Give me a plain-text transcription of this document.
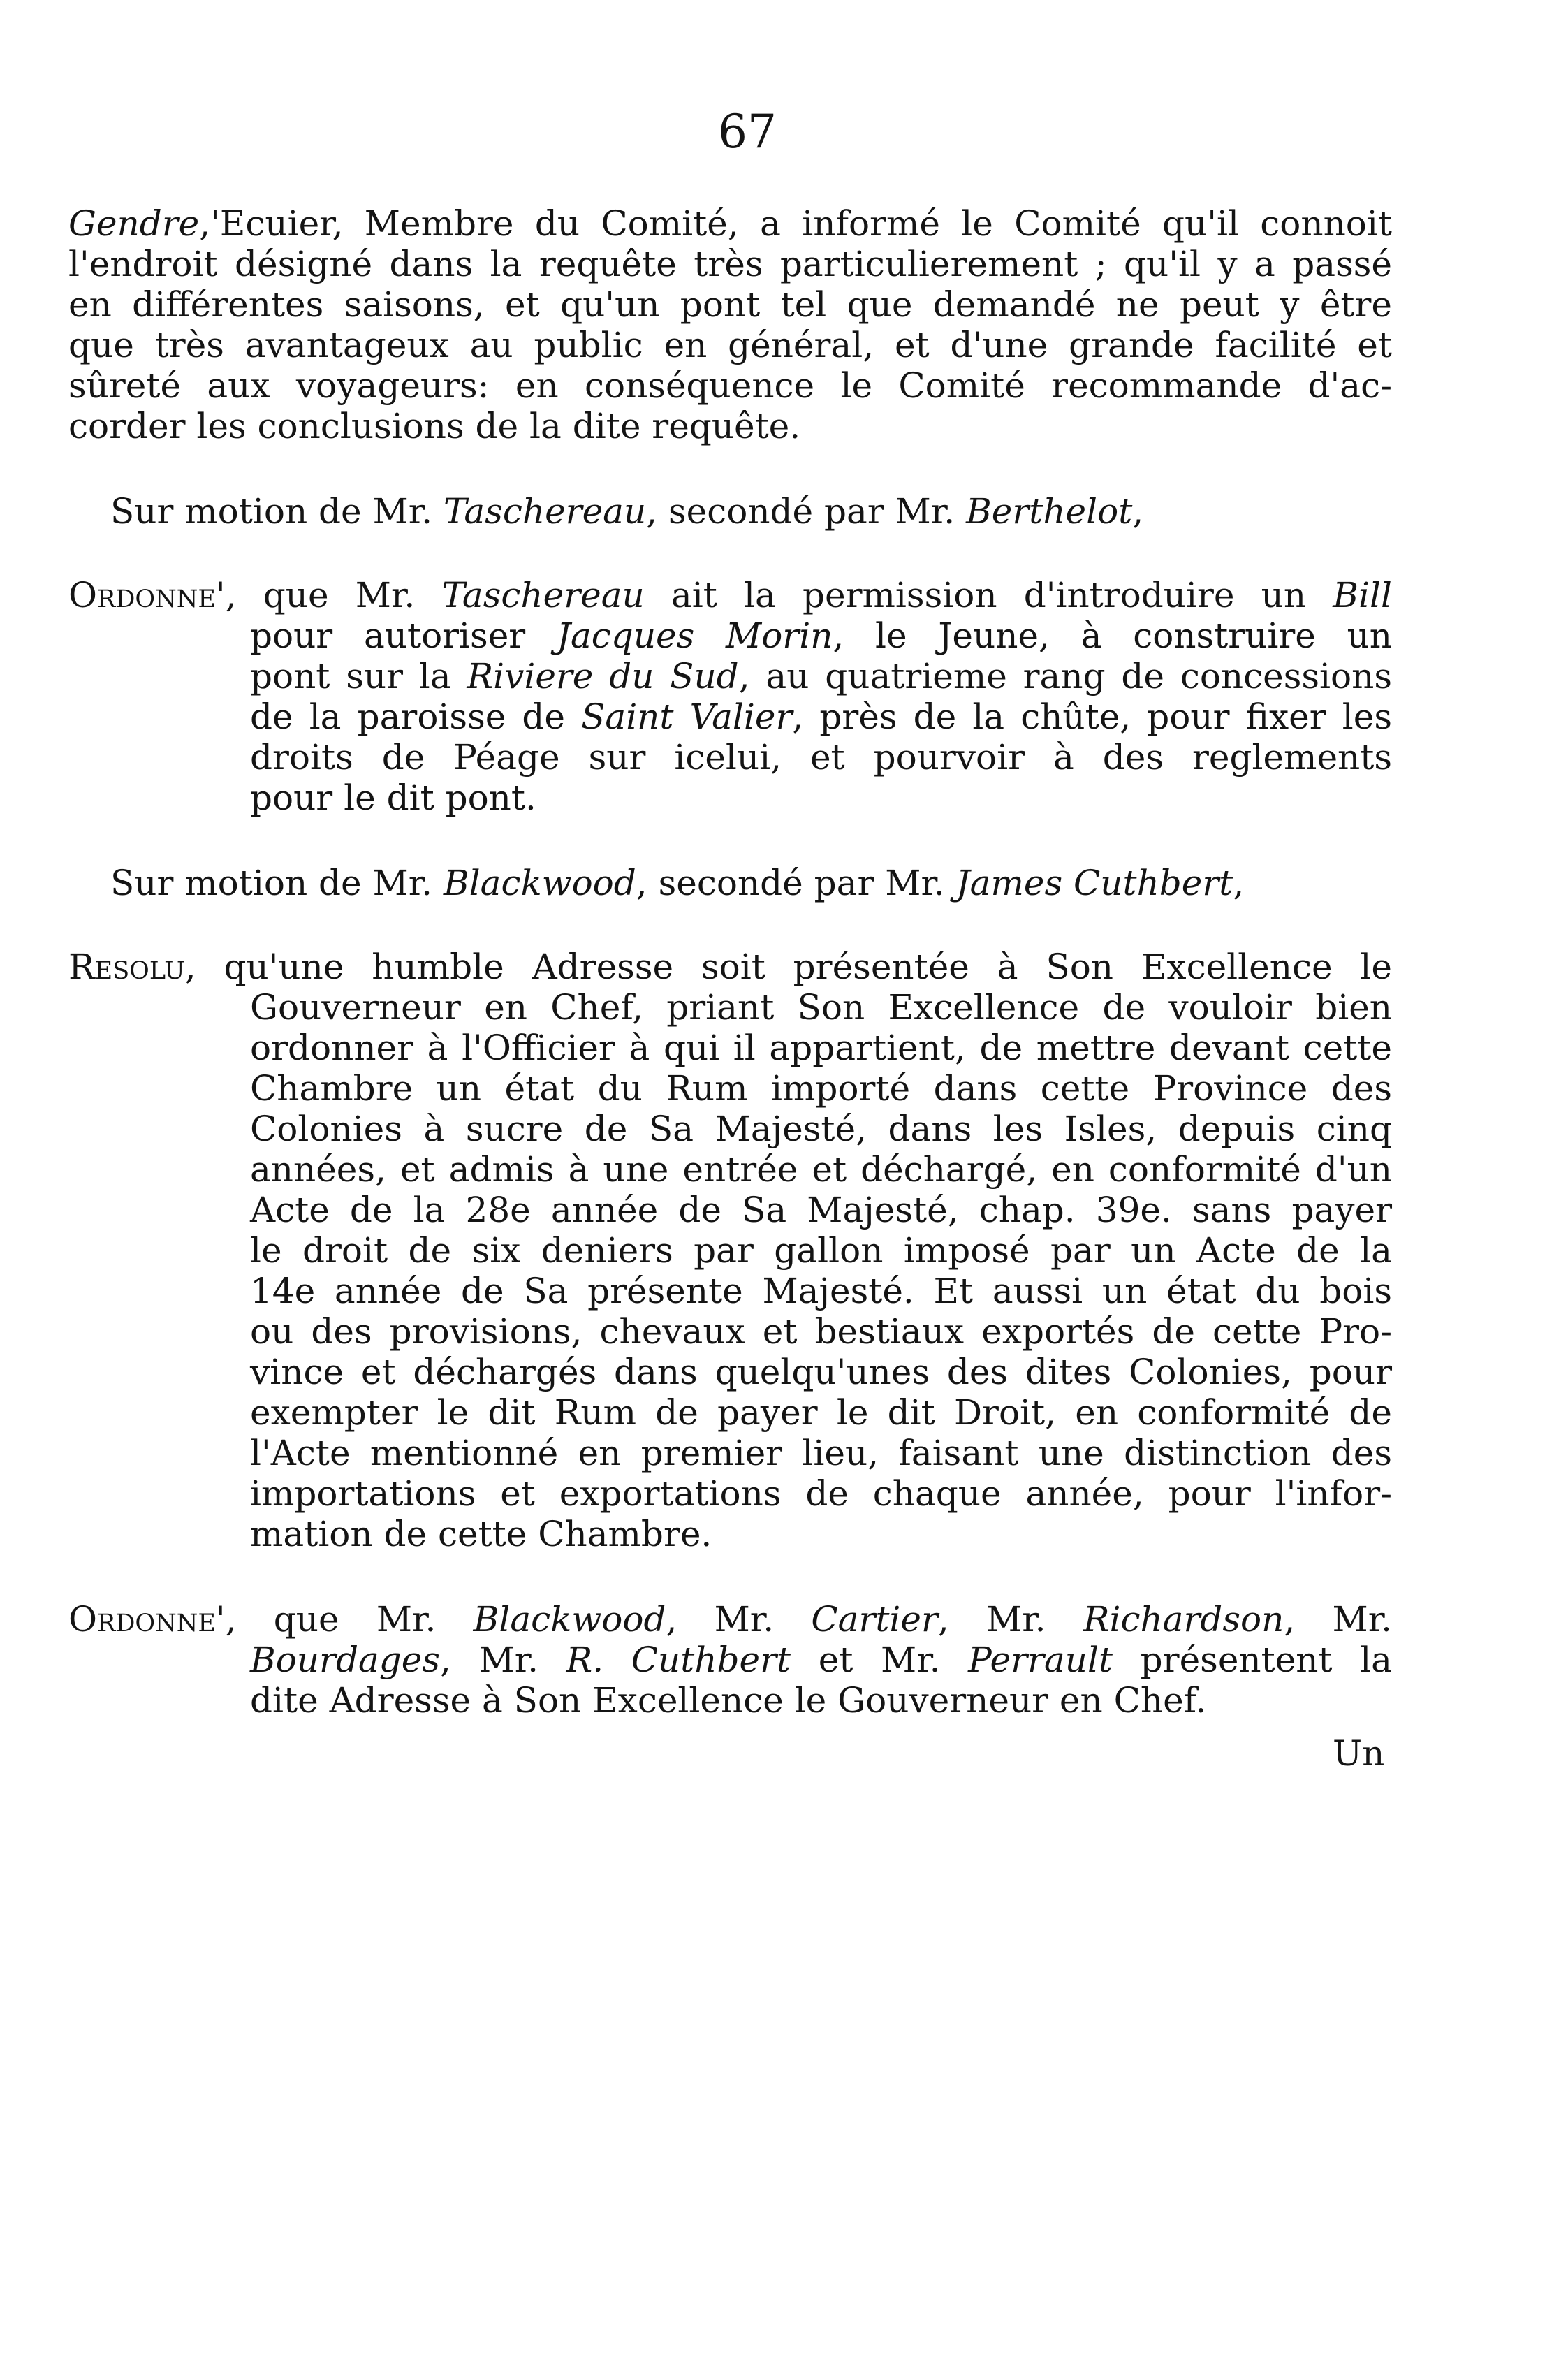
67
Gendre,'Ecuier, Membre du Comité, a informé le Comité qu'il connoit
l'endroit désigné dans la requête très particulierement ; qu'il y a passé
en différentes saisons, et qu'un pont tel que demandé ne peut y être
que très avantageux au public en général, et d'une grande facilité et
sûreté aux voyageurs: en conséquence le Comité recommande d'ac-
corder les conclusions de la dite requête.
Sur motion de Mr. Taschereau, secondé par Mr. Berthelot,
Ordonne', que Mr. Taschereau ait la permission d'introduire un Bill
pour autoriser Jacques Morin, le Jeune, à construire un
pont sur la Riviere du Sud, au quatrieme rang de concessions
de la paroisse de Saint Valier, près de la chûte, pour fixer les
droits de Péage sur icelui, et pourvoir à des reglements
pour le dit pont.
Sur motion de Mr. Blackwood, secondé par Mr. James Cuthbert,
Resolu, qu'une humble Adresse soit présentée à Son Excellence le
Gouverneur en Chef, priant Son Excellence de vouloir bien
ordonner à l'Officier à qui il appartient, de mettre devant cette
Chambre un état du Rum importé dans cette Province des
Colonies à sucre de Sa Majesté, dans les Isles, depuis cinq
années, et admis à une entrée et déchargé, en conformité d'un
Acte de la 28e année de Sa Majesté, chap. 39e. sans payer
le droit de six deniers par gallon imposé par un Acte de la
14e année de Sa présente Majesté. Et aussi un état du bois
ou des provisions, chevaux et bestiaux exportés de cette Pro-
vince et déchargés dans quelqu'unes des dites Colonies, pour
exempter le dit Rum de payer le dit Droit, en conformité de
l'Acte mentionné en premier lieu, faisant une distinction des
importations et exportations de chaque année, pour l'infor-
mation de cette Chambre.
Ordonne', que Mr. Blackwood, Mr. Cartier, Mr. Richardson, Mr.
Bourdages, Mr. R. Cuthbert et Mr. Perrault présentent la
dite Adresse à Son Excellence le Gouverneur en Chef.
Un
